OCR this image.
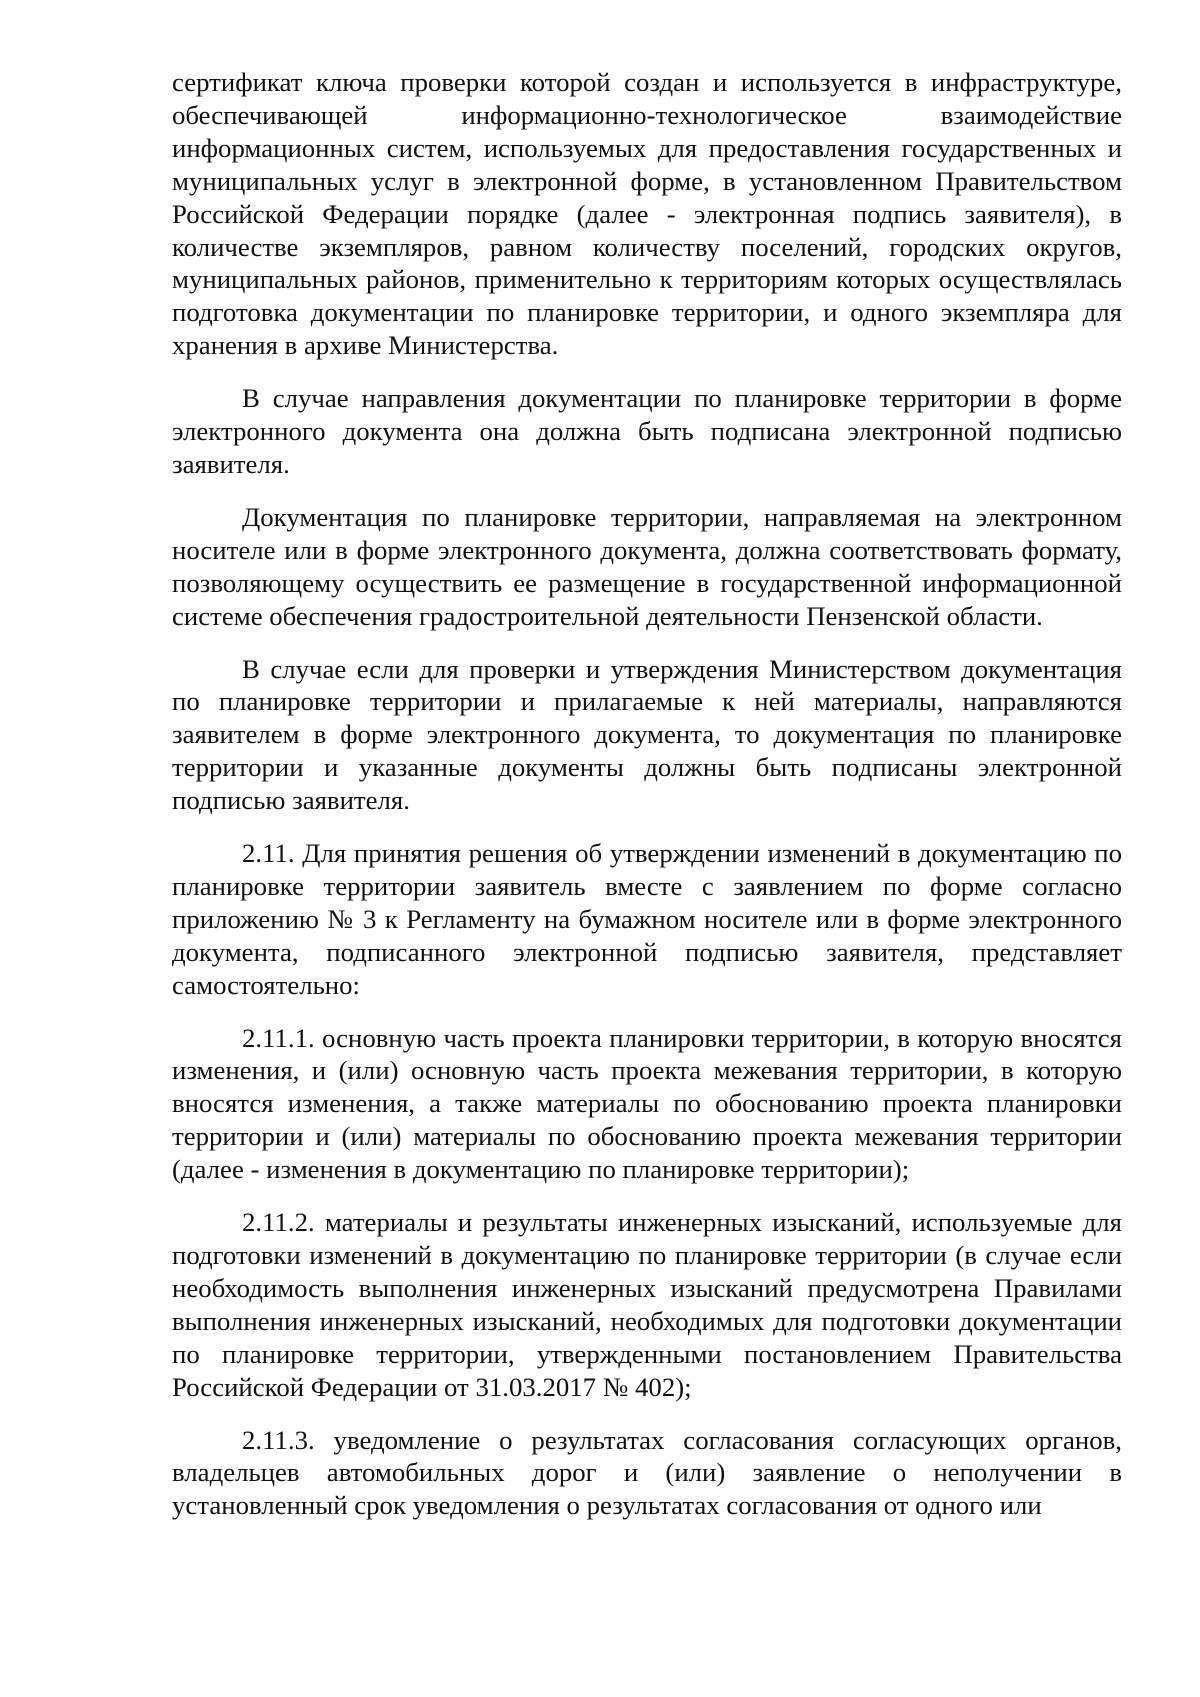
сертификат ключа проверки которой создан и используется в инфраструктуре, обеспечивающей информационно-технологическое взаимодействие информационных систем, используемых для предоставления государственных и муниципальных услуг в электронной форме, в установленном Правительством Российской Федерации порядке (далее - электронная подпись заявителя), в количестве экземпляров, равном количеству поселений, городских округов, муниципальных районов, применительно к территориям которых осуществлялась подготовка документации по планировке территории, и одного экземпляра для хранения в архиве Министерства.

В случае направления документации по планировке территории в форме электронного документа она должна быть подписана электронной подписью заявителя.

Документация по планировке территории, направляемая на электронном носителе или в форме электронного документа, должна соответствовать формату, позволяющему осуществить ее размещение в государственной информационной системе обеспечения градостроительной деятельности Пензенской области.

В случае если для проверки и утверждения Министерством документация по планировке территории и прилагаемые к ней материалы, направляются заявителем в форме электронного документа, то документация по планировке территории и указанные документы должны быть подписаны электронной подписью заявителя.

2.11. Для принятия решения об утверждении изменений в документацию по планировке территории заявитель вместе с заявлением по форме согласно приложению № 3 к Регламенту на бумажном носителе или в форме электронного документа, подписанного электронной подписью заявителя, представляет самостоятельно:

2.11.1. основную часть проекта планировки территории, в которую вносятся изменения, и (или) основную часть проекта межевания территории, в которую вносятся изменения, а также материалы по обоснованию проекта планировки территории и (или) материалы по обоснованию проекта межевания территории (далее - изменения в документацию по планировке территории);

2.11.2. материалы и результаты инженерных изысканий, используемые для подготовки изменений в документацию по планировке территории (в случае если необходимость выполнения инженерных изысканий предусмотрена Правилами выполнения инженерных изысканий, необходимых для подготовки документации по планировке территории, утвержденными постановлением Правительства Российской Федерации от 31.03.2017 № 402);

2.11.3. уведомление о результатах согласования согласующих органов, владельцев автомобильных дорог и (или) заявление о неполучении в установленный срок уведомления о результатах согласования от одного или
